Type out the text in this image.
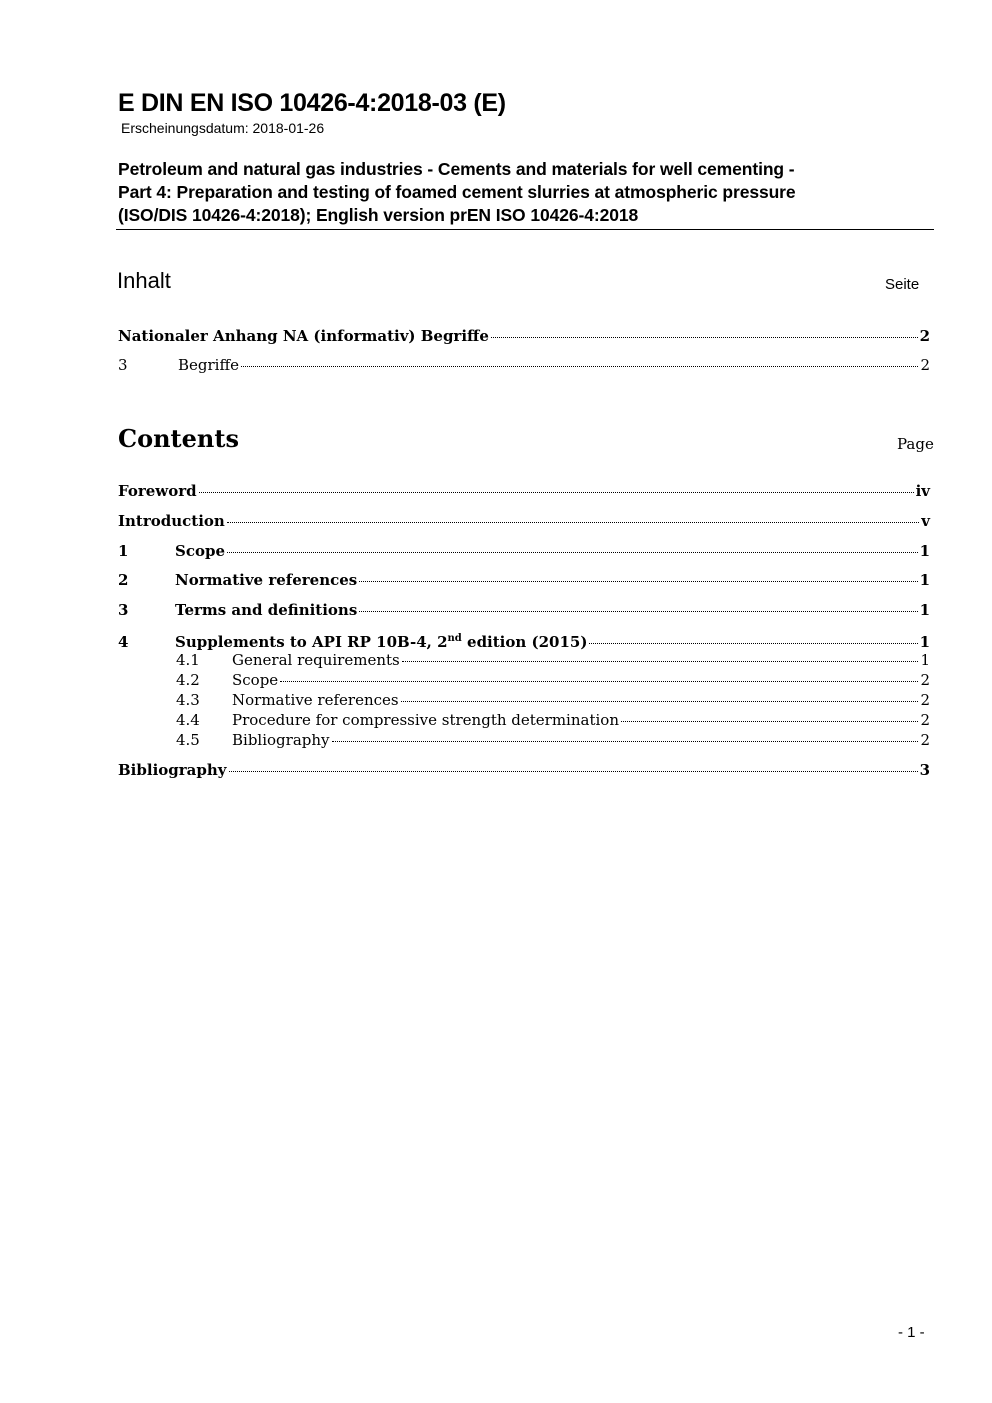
E DIN EN ISO 10426-4:2018-03 (E)
Erscheinungsdatum: 2018-01-26
Petroleum and natural gas industries - Cements and materials for well cementing -
Part 4: Preparation and testing of foamed cement slurries at atmospheric pressure
(ISO/DIS 10426-4:2018); English version prEN ISO 10426-4:2018
Inhalt	Seite
Nationaler Anhang NA (informativ) Begriffe	2
3	Begriffe	2
Contents	Page
Foreword	iv
Introduction	v
1	Scope	1
2	Normative references	1
3	Terms and definitions	1
4	Supplements to API RP 10B-4, 2nd edition (2015)	1
4.1	General requirements	1
4.2	Scope	2
4.3	Normative references	2
4.4	Procedure for compressive strength determination	2
4.5	Bibliography	2
Bibliography	3
- 1 -
